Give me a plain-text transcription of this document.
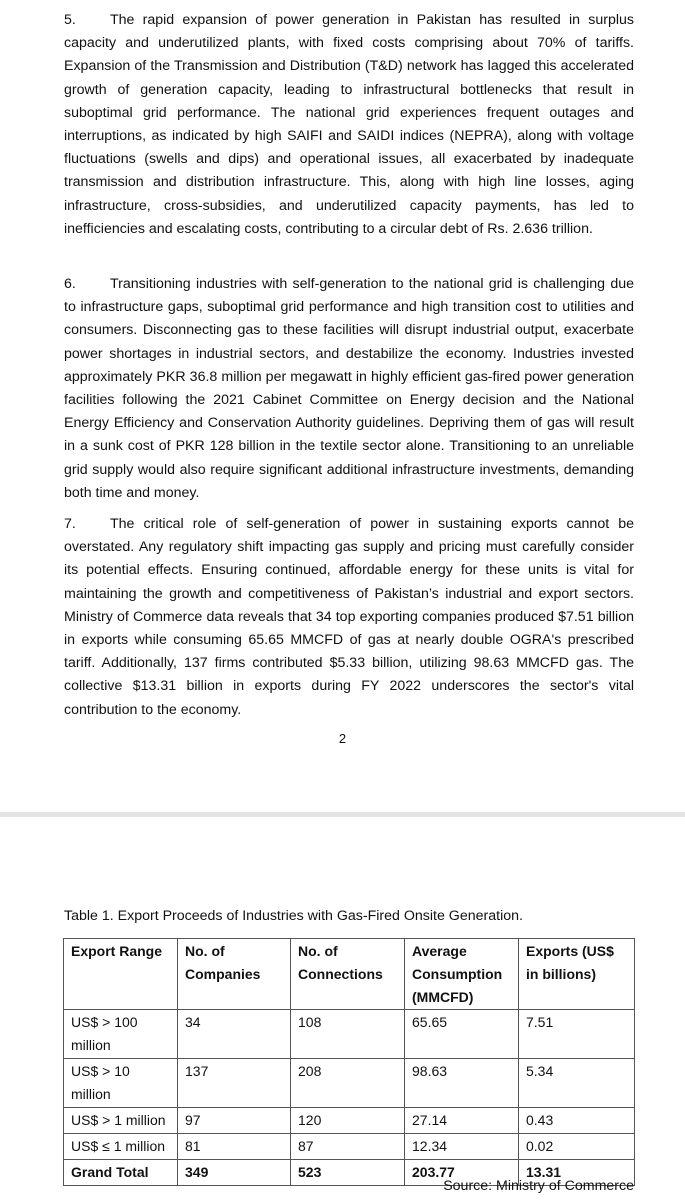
5. The rapid expansion of power generation in Pakistan has resulted in surplus capacity and underutilized plants, with fixed costs comprising about 70% of tariffs. Expansion of the Transmission and Distribution (T&D) network has lagged this accelerated growth of generation capacity, leading to infrastructural bottlenecks that result in suboptimal grid performance. The national grid experiences frequent outages and interruptions, as indicated by high SAIFI and SAIDI indices (NEPRA), along with voltage fluctuations (swells and dips) and operational issues, all exacerbated by inadequate transmission and distribution infrastructure. This, along with high line losses, aging infrastructure, cross-subsidies, and underutilized capacity payments, has led to inefficiencies and escalating costs, contributing to a circular debt of Rs. 2.636 trillion.

6. Transitioning industries with self-generation to the national grid is challenging due to infrastructure gaps, suboptimal grid performance and high transition cost to utilities and consumers. Disconnecting gas to these facilities will disrupt industrial output, exacerbate power shortages in industrial sectors, and destabilize the economy. Industries invested approximately PKR 36.8 million per megawatt in highly efficient gas-fired power generation facilities following the 2021 Cabinet Committee on Energy decision and the National Energy Efficiency and Conservation Authority guidelines. Depriving them of gas will result in a sunk cost of PKR 128 billion in the textile sector alone. Transitioning to an unreliable grid supply would also require significant additional infrastructure investments, demanding both time and money.

7. The critical role of self-generation of power in sustaining exports cannot be overstated. Any regulatory shift impacting gas supply and pricing must carefully consider its potential effects. Ensuring continued, affordable energy for these units is vital for maintaining the growth and competitiveness of Pakistan’s industrial and export sectors. Ministry of Commerce data reveals that 34 top exporting companies produced $7.51 billion in exports while consuming 65.65 MMCFD of gas at nearly double OGRA's prescribed tariff. Additionally, 137 firms contributed $5.33 billion, utilizing 98.63 MMCFD gas. The collective $13.31 billion in exports during FY 2022 underscores the sector's vital contribution to the economy.

2
Table 1. Export Proceeds of Industries with Gas-Fired Onsite Generation.
Export Range	No. of Companies	No. of Connections	Average Consumption (MMCFD)	Exports (US$ in billions)
US$ > 100 million	34	108	65.65	7.51
US$ > 10 million	137	208	98.63	5.34
US$ > 1 million	97	120	27.14	0.43
US$ ≤ 1 million	81	87	12.34	0.02
Grand Total	349	523	203.77	13.31
Source: Ministry of Commerce
